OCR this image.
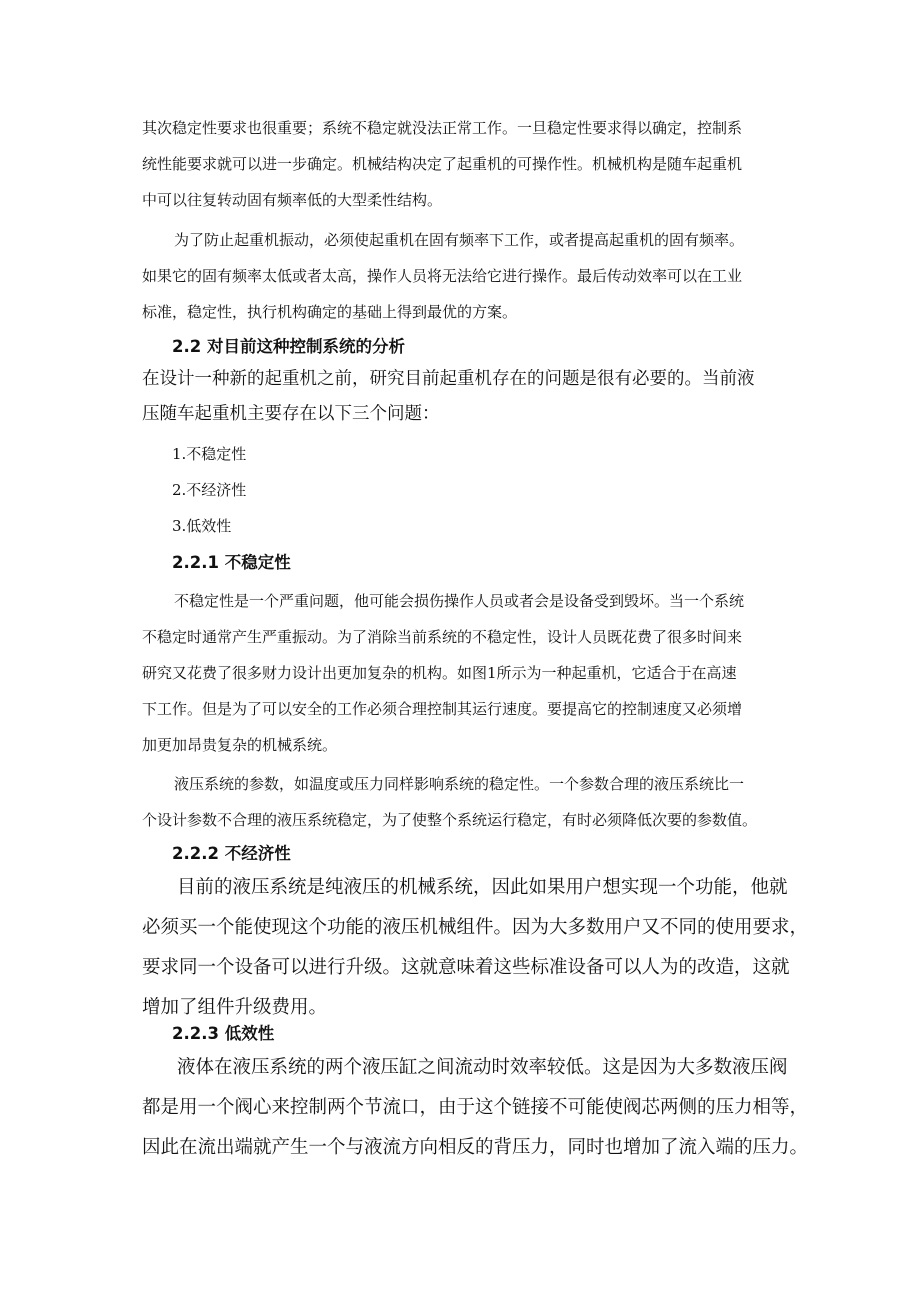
其次稳定性要求也很重要；系统不稳定就没法正常工作。一旦稳定性要求得以确定，控制系
统性能要求就可以进一步确定。机械结构决定了起重机的可操作性。机械机构是随车起重机
中可以往复转动固有频率低的大型柔性结构。
为了防止起重机振动，必须使起重机在固有频率下工作，或者提高起重机的固有频率。
如果它的固有频率太低或者太高，操作人员将无法给它进行操作。最后传动效率可以在工业
标准，稳定性，执行机构确定的基础上得到最优的方案。
2.2 对目前这种控制系统的分析
在设计一种新的起重机之前，研究目前起重机存在的问题是很有必要的。当前液
压随车起重机主要存在以下三个问题：
1.不稳定性
2.不经济性
3.低效性
2.2.1 不稳定性
不稳定性是一个严重问题，他可能会损伤操作人员或者会是设备受到毁坏。当一个系统
不稳定时通常产生严重振动。为了消除当前系统的不稳定性，设计人员既花费了很多时间来
研究又花费了很多财力设计出更加复杂的机构。如图1所示为一种起重机，它适合于在高速
下工作。但是为了可以安全的工作必须合理控制其运行速度。要提高它的控制速度又必须增
加更加昂贵复杂的机械系统。
液压系统的参数，如温度或压力同样影响系统的稳定性。一个参数合理的液压系统比一
个设计参数不合理的液压系统稳定，为了使整个系统运行稳定，有时必须降低次要的参数值。
2.2.2 不经济性
目前的液压系统是纯液压的机械系统，因此如果用户想实现一个功能，他就
必须买一个能使现这个功能的液压机械组件。因为大多数用户又不同的使用要求，
要求同一个设备可以进行升级。这就意味着这些标准设备可以人为的改造，这就
增加了组件升级费用。
2.2.3 低效性
液体在液压系统的两个液压缸之间流动时效率较低。这是因为大多数液压阀
都是用一个阀心来控制两个节流口，由于这个链接不可能使阀芯两侧的压力相等，
因此在流出端就产生一个与液流方向相反的背压力，同时也增加了流入端的压力。
